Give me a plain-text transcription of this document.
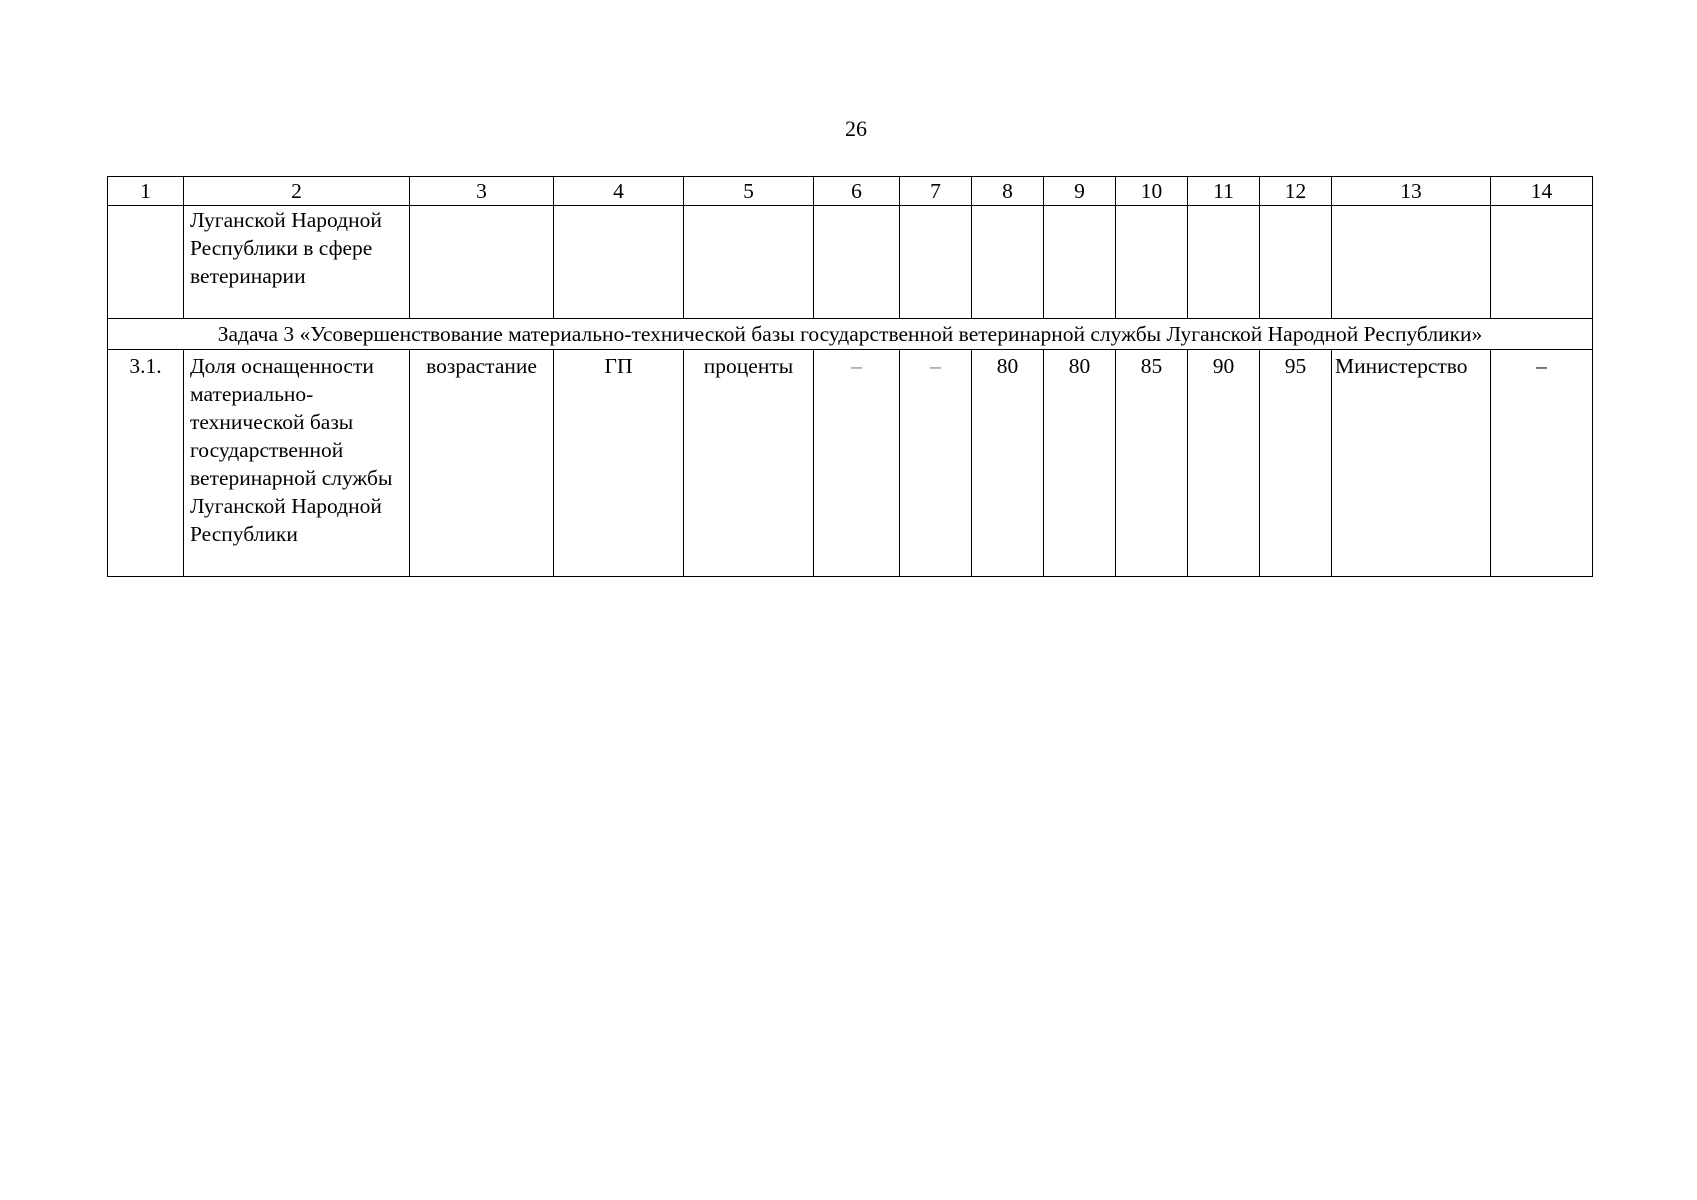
26
1	2	3	4	5	6	7	8	9	10	11	12	13	14
	Луганской Народной Республики в сфере ветеринарии												
Задача 3 «Усовершенствование материально-технической базы государственной ветеринарной службы Луганской Народной Республики»													
3.1.	Доля оснащенности материально-технической базы государственной ветеринарной службы Луганской Народной Республики	возрастание	ГП	проценты	–	–	80	80	85	90	95	Министерство	–
